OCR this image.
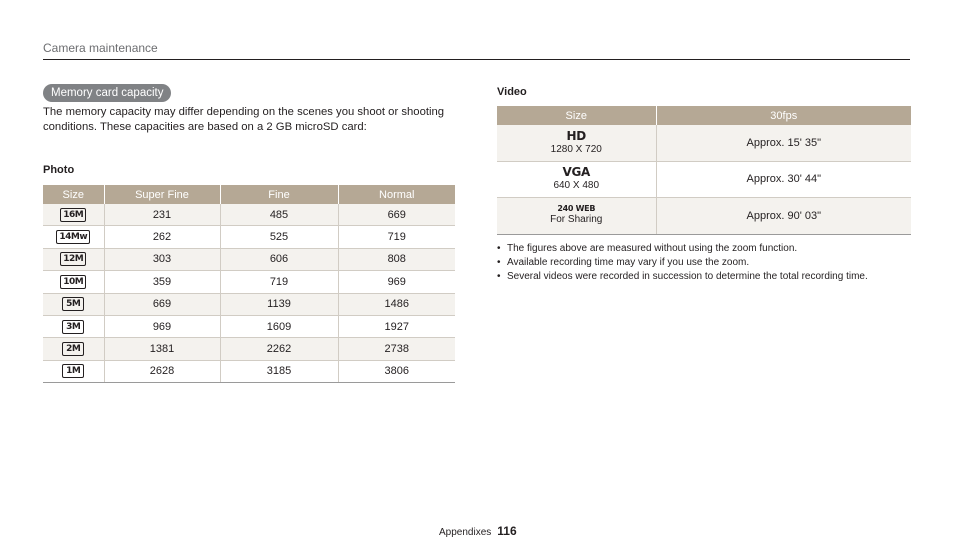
Camera maintenance
Memory card capacity
The memory capacity may differ depending on the scenes you shoot or shooting conditions. These capacities are based on a 2 GB microSD card:
Photo
Size	Super Fine	Fine	Normal
16M	231	485	669
14Mw	262	525	719
12M	303	606	808
10M	359	719	969
5M	669	1139	1486
3M	969	1609	1927
2M	1381	2262	2738
1M	2628	3185	3806
Video
Size	30fps

HD
1280 X 720	Approx. 15' 35"

VGA
640 X 480	Approx. 30' 44"

240 WEB
For Sharing	Approx. 90' 03"
• The figures above are measured without using the zoom function.
• Available recording time may vary if you use the zoom.
• Several videos were recorded in succession to determine the total recording time.
Appendixes 116
